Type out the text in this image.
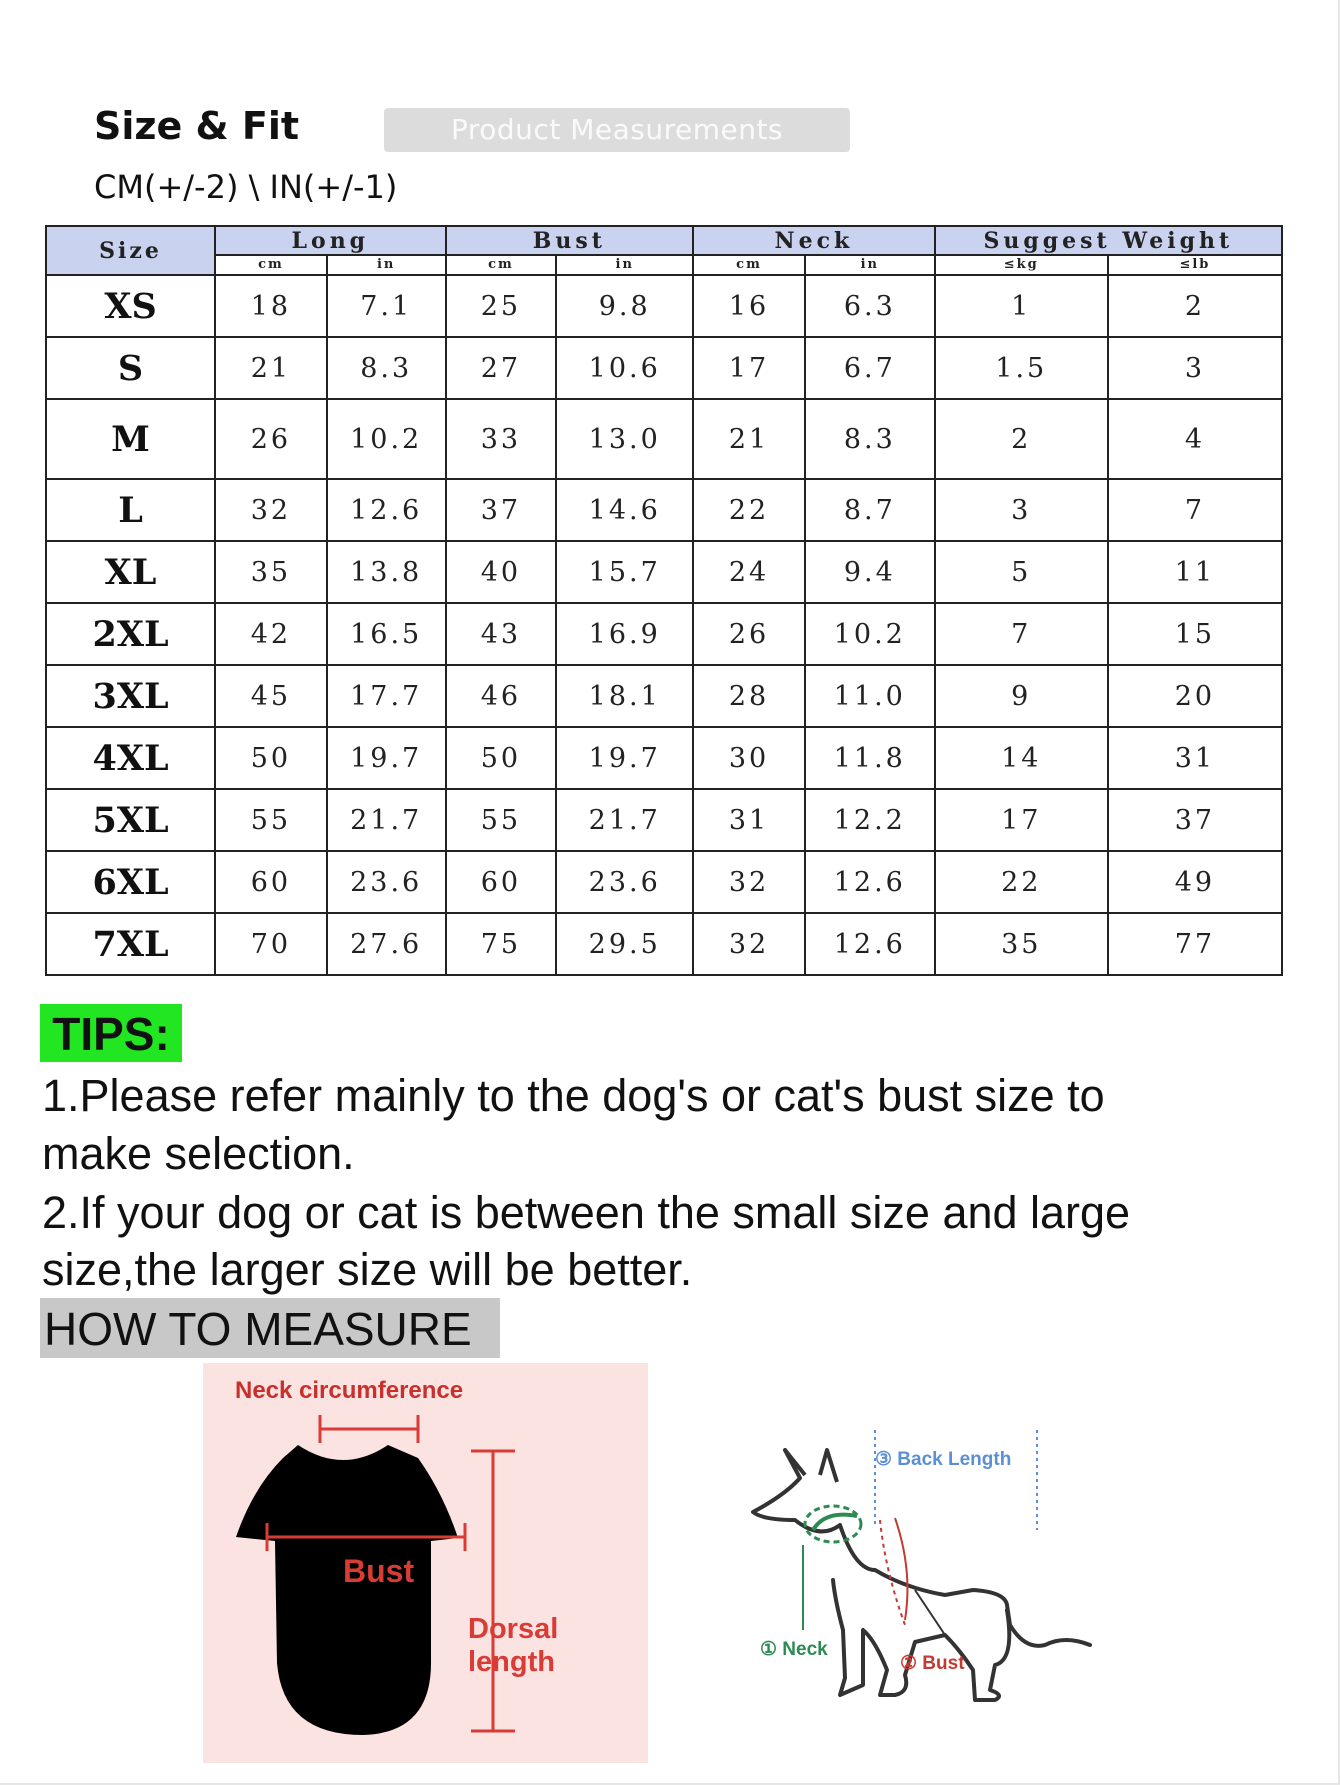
Size & Fit	Product Measurements
CM(+/-2) \ IN(+/-1)
Size	Long		Bust		Neck		Suggest Weight	
	cm	in	cm	in	cm	in	≤kg	≤lb
XS	18	7.1	25	9.8	16	6.3	1	2
S	21	8.3	27	10.6	17	6.7	1.5	3
M	26	10.2	33	13.0	21	8.3	2	4
L	32	12.6	37	14.6	22	8.7	3	7
XL	35	13.8	40	15.7	24	9.4	5	11
2XL	42	16.5	43	16.9	26	10.2	7	15
3XL	45	17.7	46	18.1	28	11.0	9	20
4XL	50	19.7	50	19.7	30	11.8	14	31
5XL	55	21.7	55	21.7	31	12.2	17	37
6XL	60	23.6	60	23.6	32	12.6	22	49
7XL	70	27.6	75	29.5	32	12.6	35	77
TIPS:
1.Please refer mainly to the dog's or cat's bust size to
make selection.
2.If your dog or cat is between the small size and large
size,the larger size will be better.
HOW TO MEASURE
Neck circumference
Bust
Dorsal length
③ Back Length
① Neck
② Bust
